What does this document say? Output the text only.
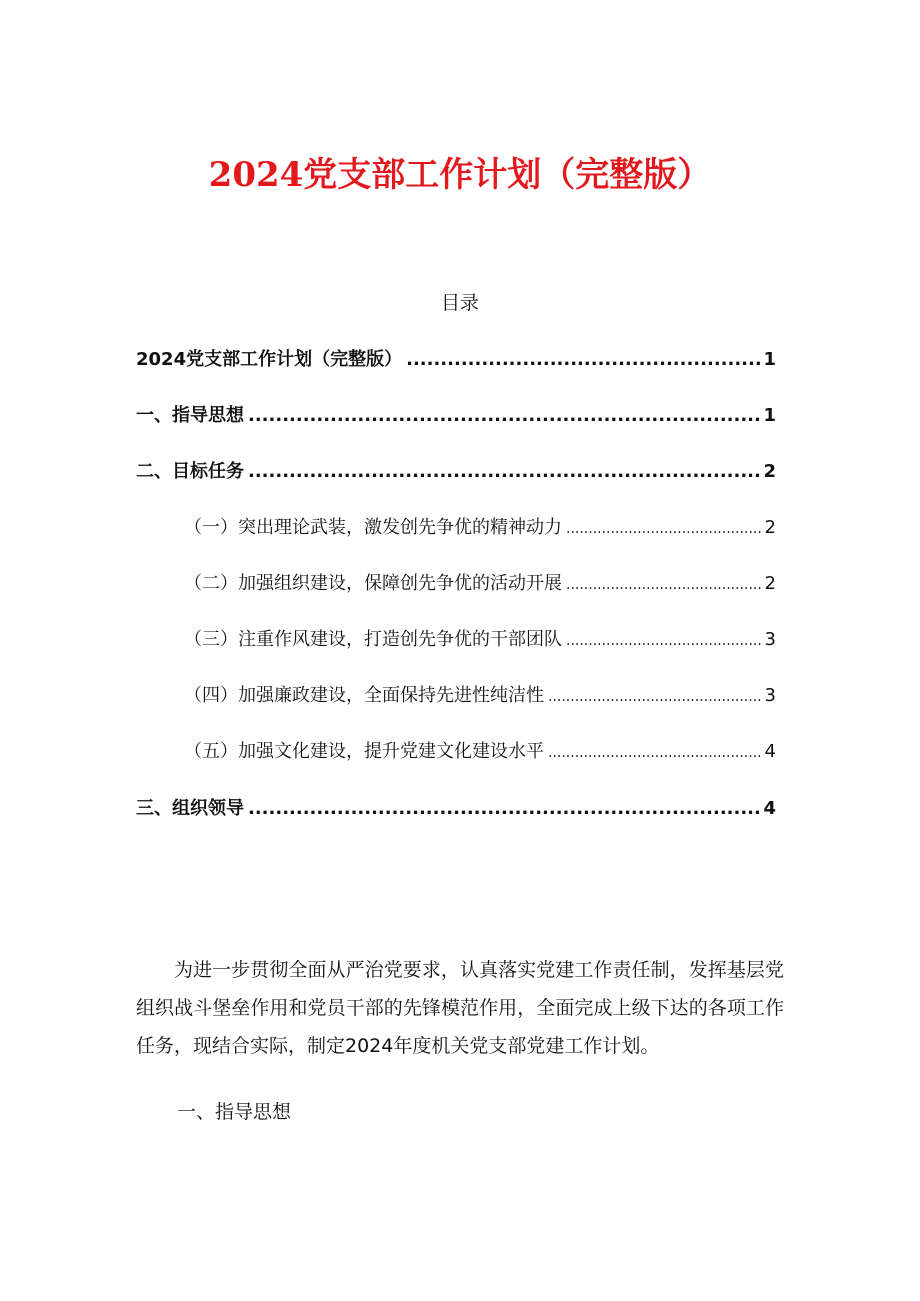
2024党支部工作计划（完整版）
目录
2024党支部工作计划（完整版） .....	1
一、指导思想 .....	1
二、目标任务 .....	2
（一）突出理论武装，激发创先争优的精神动力 .....	2
（二）加强组织建设，保障创先争优的活动开展 .....	2
（三）注重作风建设，打造创先争优的干部团队 .....	3
（四）加强廉政建设，全面保持先进性纯洁性 .....	3
（五）加强文化建设，提升党建文化建设水平 .....	4
三、组织领导 .....	4

为进一步贯彻全面从严治党要求，认真落实党建工作责任制，发挥基层党组织战斗堡垒作用和党员干部的先锋模范作用，全面完成上级下达的各项工作任务，现结合实际，制定2024年度机关党支部党建工作计划。

一、指导思想
